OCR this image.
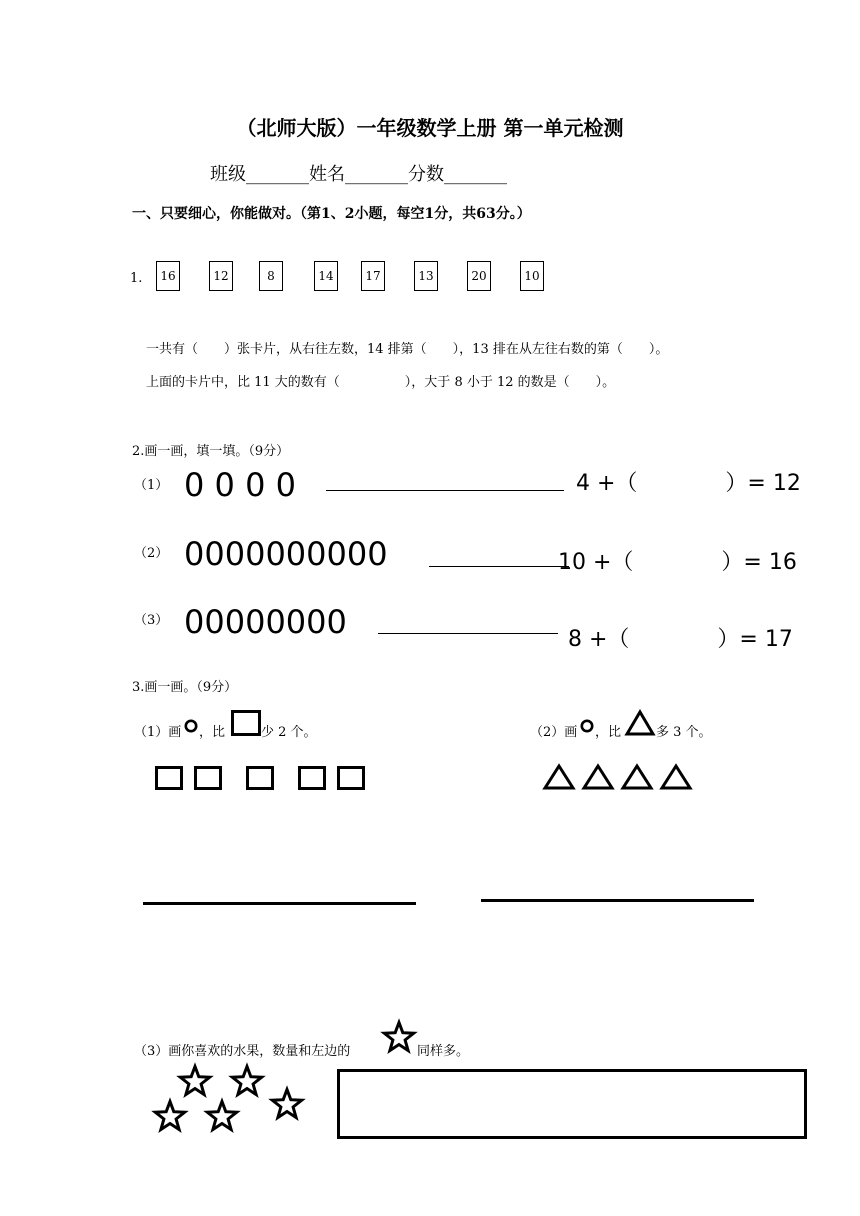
（北师大版）一年级数学上册 第一单元检测
班级_______姓名_______分数_______
一、只要细心，你能做对。（第1、2小题，每空1分，共63分。）
1.	16	12	8	14	17	13	20	10
一共有（　　）张卡片，从右往左数，14 排第（　　），13 排在从左往右数的第（　　）。
上面的卡片中，比 11 大的数有（　　　　　），大于 8 小于 12 的数是（　　）。
2.画一画，填一填。（9分）
（1） 0 0 0 0	4 +（　　　　）= 12
（2） 0000000000	10 +（　　　　）= 16
（3） 00000000	8 +（　　　　）= 17
3.画一画。（9分）
（1）画 ，比	少 2 个。	（2）画 ，比	多 3 个。
（3）画你喜欢的水果，数量和左边的	同样多。
